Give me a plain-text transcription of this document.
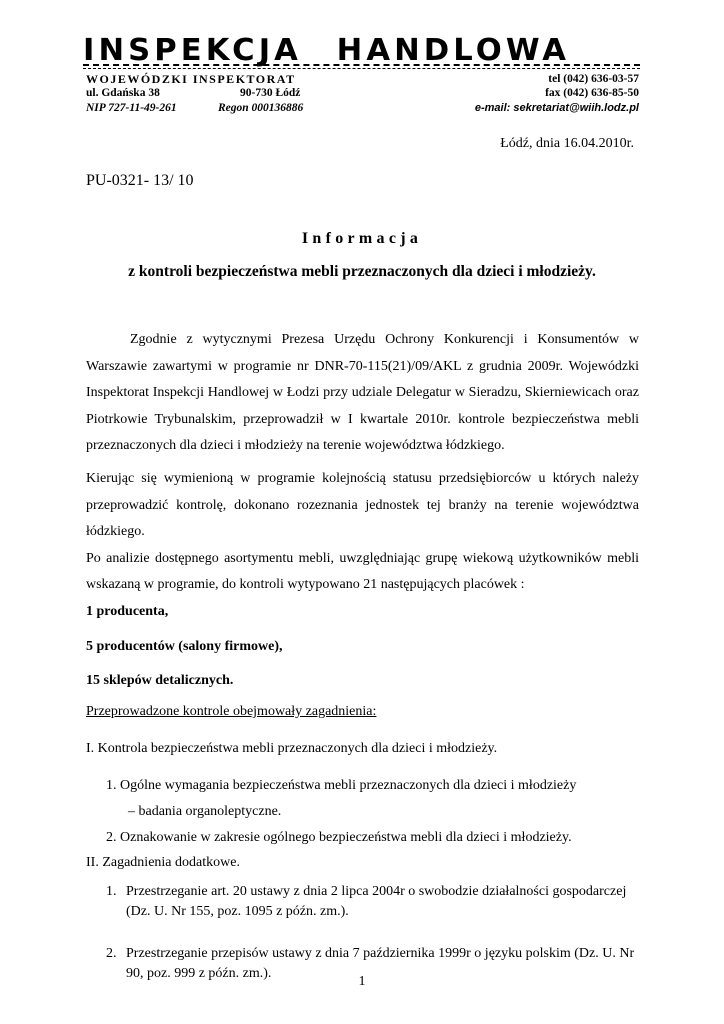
INSPEKCJA HANDLOWA
WOJEWÓDZKI INSPEKTORAT
ul. Gdańska 38	90-730 Łódź
NIP 727-11-49-261	Regon 000136886
tel (042) 636-03-57
fax (042) 636-85-50
e-mail: sekretariat@wiih.lodz.pl
Łódź, dnia 16.04.2010r.
PU-0321- 13/ 10
Informacja
z kontroli bezpieczeństwa mebli przeznaczonych dla dzieci i młodzieży.

Zgodnie z wytycznymi Prezesa Urzędu Ochrony Konkurencji i Konsumentów w Warszawie zawartymi w programie nr DNR-70-115(21)/09/AKL z grudnia 2009r. Wojewódzki Inspektorat Inspekcji Handlowej w Łodzi przy udziale Delegatur w Sieradzu, Skierniewicach oraz Piotrkowie Trybunalskim, przeprowadził w I kwartale 2010r. kontrole bezpieczeństwa mebli przeznaczonych dla dzieci i młodzieży na terenie województwa łódzkiego.

Kierując się wymienioną w programie kolejnością statusu przedsiębiorców u których należy przeprowadzić kontrolę, dokonano rozeznania jednostek tej branży na terenie województwa łódzkiego.

Po analizie dostępnego asortymentu mebli, uwzględniając grupę wiekową użytkowników mebli wskazaną w programie, do kontroli wytypowano 21 następujących placówek :

1 producenta,

5 producentów (salony firmowe),

15 sklepów detalicznych.

Przeprowadzone kontrole obejmowały zagadnienia:

I. Kontrola bezpieczeństwa mebli przeznaczonych dla dzieci i młodzieży.

1. Ogólne wymagania bezpieczeństwa mebli przeznaczonych dla dzieci i młodzieży
– badania organoleptyczne.
2. Oznakowanie w zakresie ogólnego bezpieczeństwa mebli dla dzieci i młodzieży.

II. Zagadnienia dodatkowe.

1. Przestrzeganie art. 20 ustawy z dnia 2 lipca 2004r o swobodzie działalności gospodarczej (Dz. U. Nr 155, poz. 1095 z późn. zm.).
2. Przestrzeganie przepisów ustawy z dnia 7 października 1999r o języku polskim (Dz. U. Nr 90, poz. 999 z późn. zm.).
1
